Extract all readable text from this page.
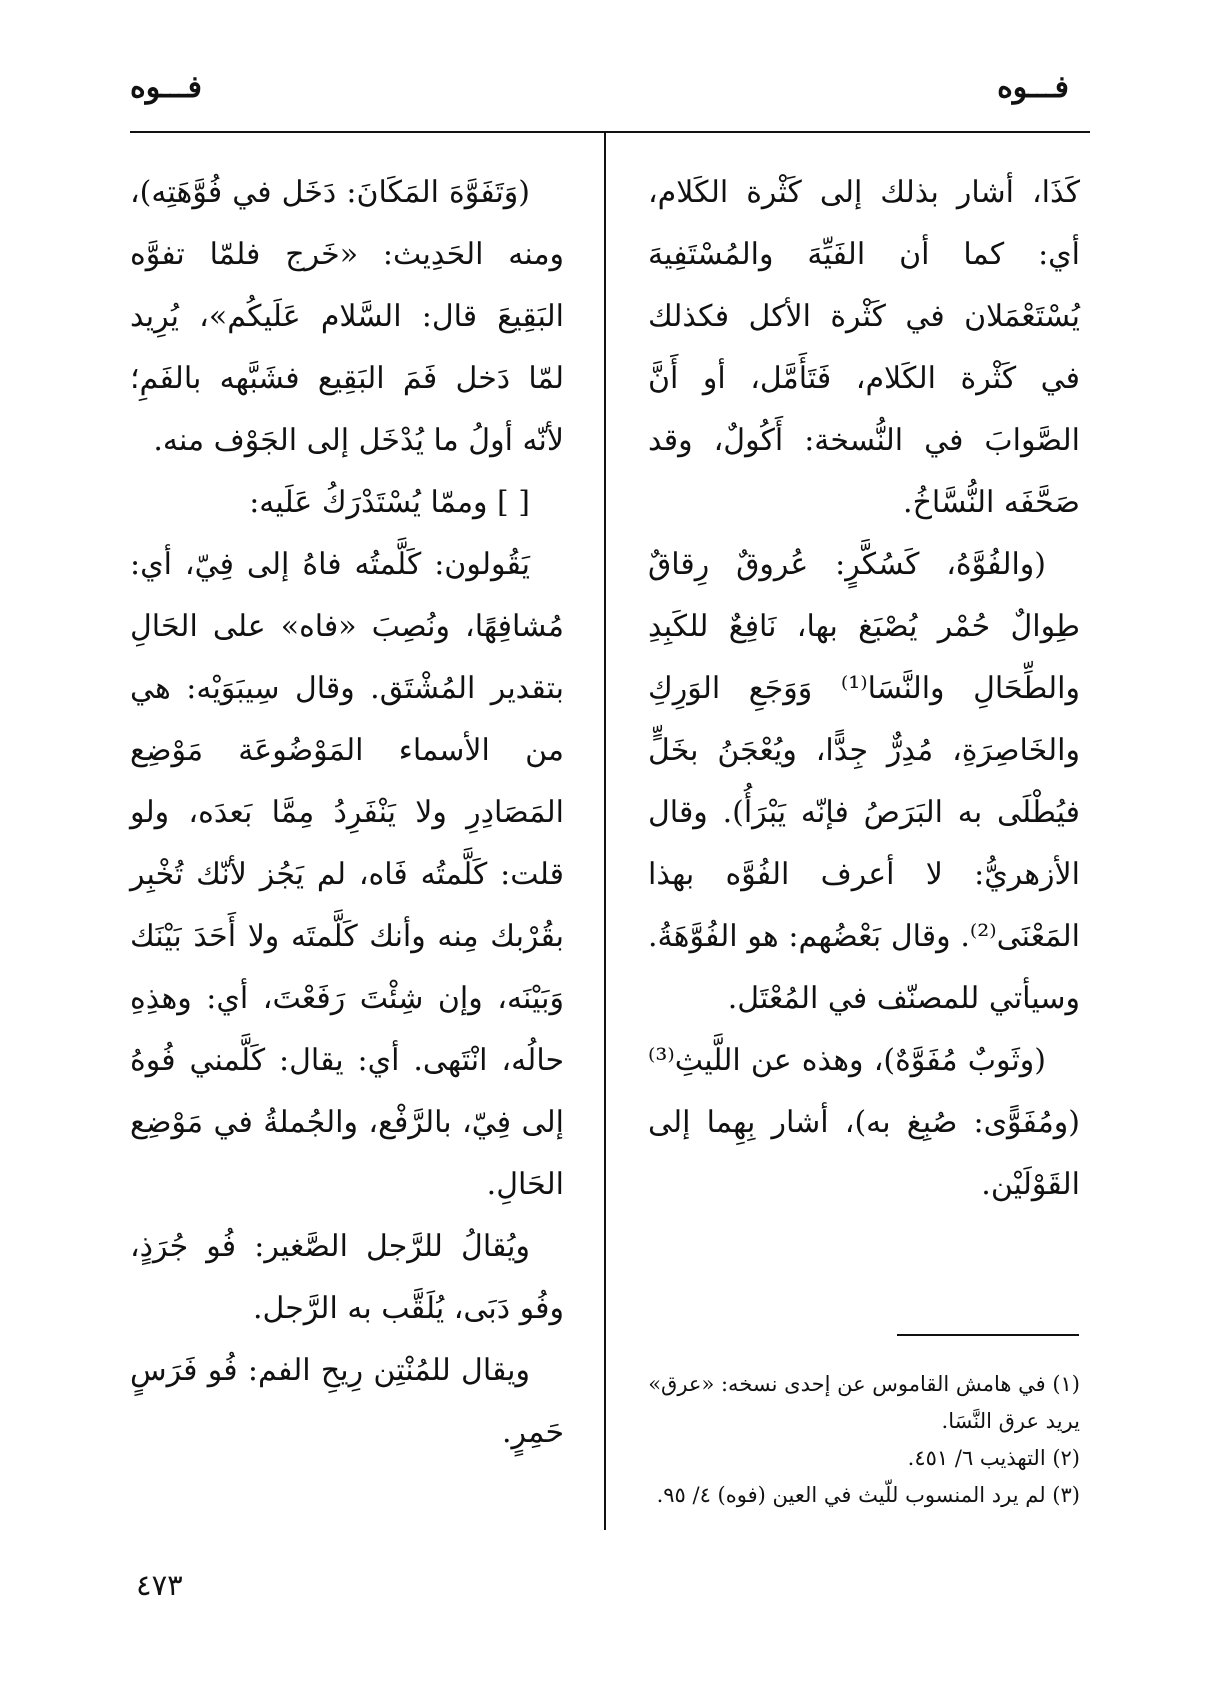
فـــوه
فـــوه

كَذَا، أشار بذلك إلى كَثْرة الكَلام، أي: كما أن الفَيِّهَ والمُسْتَفِيهَ يُسْتَعْمَلان في كَثْرة الأكل فكذلك في كَثْرة الكَلام، فَتَأَمَّل، أو أَنَّ الصَّوابَ في النُّسخة: أَكُولٌ، وقد صَحَّفَه النُّسَّاخُ.

(والفُوَّهُ، كَسُكَّرٍ: عُروقٌ رِقاقٌ طِوالٌ حُمْر يُصْبَغ بها، نَافِعٌ للكَبِدِ والطِّحَالِ والنَّسَا⁽¹⁾ وَوَجَعِ الوَرِكِ والخَاصِرَةِ، مُدِرٌّ جِدًّا، ويُعْجَنُ بخَلٍّ فيُطْلَى به البَرَصُ فإنّه يَبْرَأُ). وقال الأزهريُّ: لا أعرف الفُوَّه بهذا المَعْنَى⁽²⁾. وقال بَعْضُهم: هو الفُوَّهَةُ. وسيأتي للمصنّف في المُعْتَل.

(وثَوبٌ مُفَوَّهٌ)، وهذه عن اللَّيثِ⁽³⁾ (ومُفَوًّى: صُبِغ به)، أشار بِهِما إلى القَوْلَيْن.

(١) في هامش القاموس عن إحدى نسخه: «عرق» يريد عرق النَّسَا.

(٢) التهذيب ٦/ ٤٥١.

(٣) لم يرد المنسوب للّيث في العين (فوه) ٤/ ٩٥.

(وَتَفَوَّهَ المَكَانَ: دَخَل في فُوَّهَتِه)، ومنه الحَدِيث: «خَرج فلمّا تفوَّه البَقِيعَ قال: السَّلام عَلَيكُم»، يُرِيد لمّا دَخل فَمَ البَقِيع فشَبَّهه بالفَمِ؛ لأنّه أولُ ما يُدْخَل إلى الجَوْف منه.

[ ] وممّا يُسْتَدْرَكُ عَلَيه:

يَقُولون: كَلَّمتُه فاهُ إلى فِيّ، أي: مُشافِهًا، ونُصِبَ «فاه» على الحَالِ بتقدير المُشْتَق. وقال سِيبَوَيْه: هي من الأسماء المَوْضُوعَة مَوْضِع المَصَادِرِ ولا يَنْفَرِدُ مِمَّا بَعدَه، ولو قلت: كَلَّمتُه فَاه، لم يَجُز لأنّك تُخْبِر بقُرْبك مِنه وأنك كَلَّمتَه ولا أَحَدَ بَيْنَك وَبَيْنَه، وإن شِئْتَ رَفَعْتَ، أي: وهذِهِ حالُه، انْتَهى. أي: يقال: كَلَّمني فُوهُ إلى فِيّ، بالرَّفْع، والجُملةُ في مَوْضِع الحَالِ.

ويُقالُ للرَّجل الصَّغير: فُو جُرَذٍ، وفُو دَبَى، يُلَقَّب به الرَّجل.

ويقال للمُنْتِن رِيحِ الفم: فُو فَرَسٍ حَمِرٍ.

٤٧٣
